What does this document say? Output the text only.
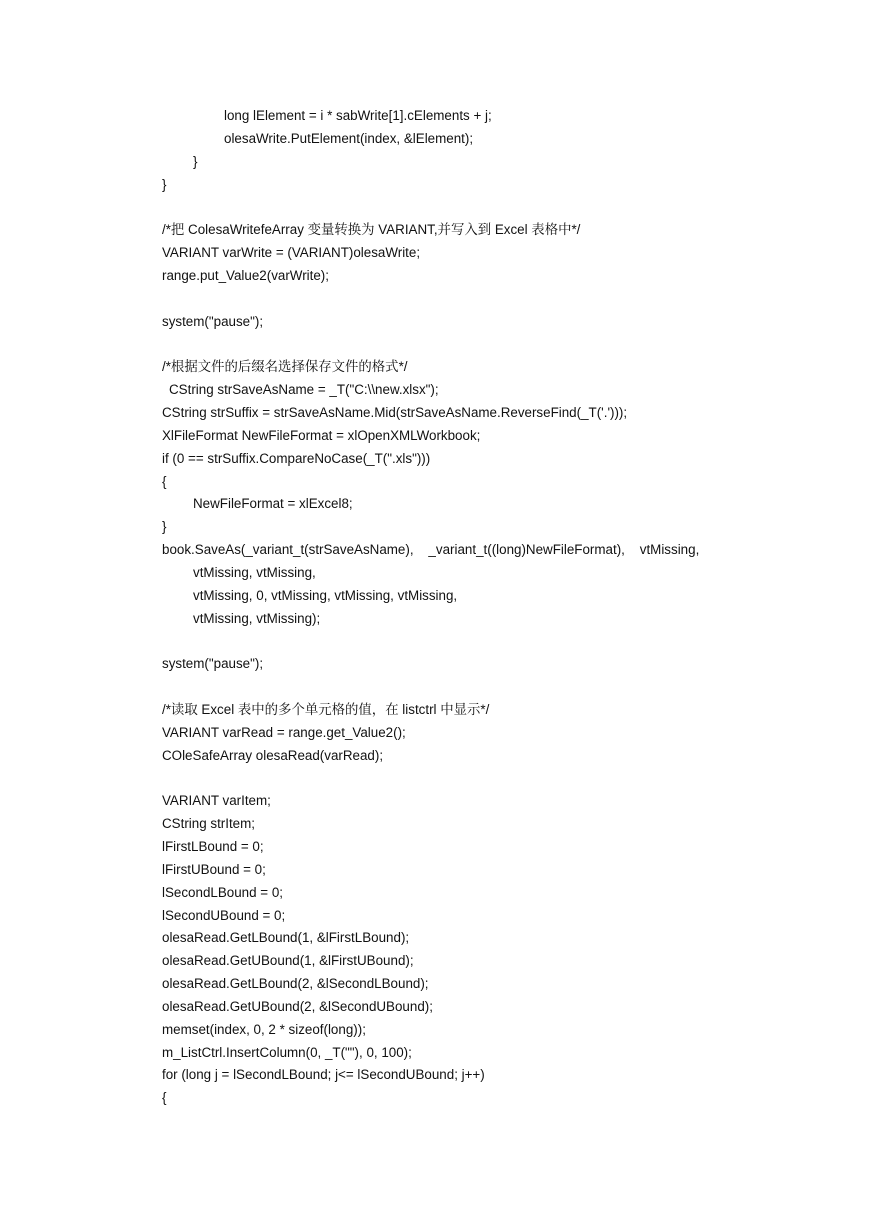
long lElement = i * sabWrite[1].cElements + j;
olesaWrite.PutElement(index, &lElement);
}
}
/*把 ColesaWritefeArray 变量转换为 VARIANT,并写入到 Excel 表格中*/
VARIANT varWrite = (VARIANT)olesaWrite;
range.put_Value2(varWrite);
system("pause");
/*根据文件的后缀名选择保存文件的格式*/
CString strSaveAsName = _T("C:\\new.xlsx");
CString strSuffix = strSaveAsName.Mid(strSaveAsName.ReverseFind(_T('.')));
XlFileFormat NewFileFormat = xlOpenXMLWorkbook;
if (0 == strSuffix.CompareNoCase(_T(".xls")))
{
NewFileFormat = xlExcel8;
}
book.SaveAs(_variant_t(strSaveAsName),    _variant_t((long)NewFileFormat),    vtMissing,
vtMissing, vtMissing,
vtMissing, 0, vtMissing, vtMissing, vtMissing,
vtMissing, vtMissing);
system("pause");
/*读取 Excel 表中的多个单元格的值，在 listctrl 中显示*/
VARIANT varRead = range.get_Value2();
COleSafeArray olesaRead(varRead);
VARIANT varItem;
CString strItem;
lFirstLBound = 0;
lFirstUBound = 0;
lSecondLBound = 0;
lSecondUBound = 0;
olesaRead.GetLBound(1, &lFirstLBound);
olesaRead.GetUBound(1, &lFirstUBound);
olesaRead.GetLBound(2, &lSecondLBound);
olesaRead.GetUBound(2, &lSecondUBound);
memset(index, 0, 2 * sizeof(long));
m_ListCtrl.InsertColumn(0, _T(""), 0, 100);
for (long j = lSecondLBound; j<= lSecondUBound; j++)
{
